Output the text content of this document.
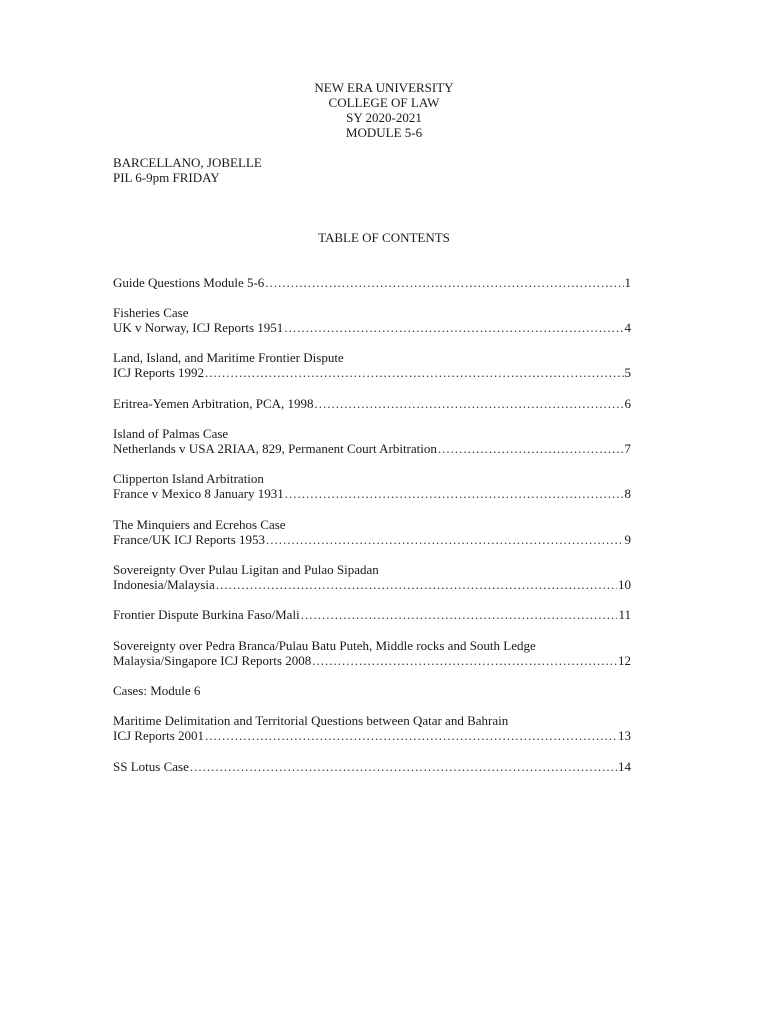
NEW ERA UNIVERSITY
COLLEGE OF LAW
SY 2020-2021
MODULE 5-6
BARCELLANO, JOBELLE
PIL 6-9pm FRIDAY
TABLE OF CONTENTS
Guide Questions Module 5-6 .....	1
Fisheries Case
UK v Norway, ICJ Reports 1951 .....	4
Land, Island, and Maritime Frontier Dispute
ICJ Reports 1992 .....	5
Eritrea-Yemen Arbitration, PCA, 1998 .....	6
Island of Palmas Case
Netherlands v USA 2RIAA, 829, Permanent Court Arbitration .....	7
Clipperton Island Arbitration
France v Mexico 8 January 1931 .....	8
The Minquiers and Ecrehos Case
France/UK ICJ Reports 1953 .....	9
Sovereignty Over Pulau Ligitan and Pulao Sipadan
Indonesia/Malaysia .....	10
Frontier Dispute Burkina Faso/Mali .....	11
Sovereignty over Pedra Branca/Pulau Batu Puteh, Middle rocks and South Ledge
Malaysia/Singapore ICJ Reports 2008 .....	12
Cases: Module 6
Maritime Delimitation and Territorial Questions between Qatar and Bahrain
ICJ Reports 2001 .....	13
SS Lotus Case .....	14
